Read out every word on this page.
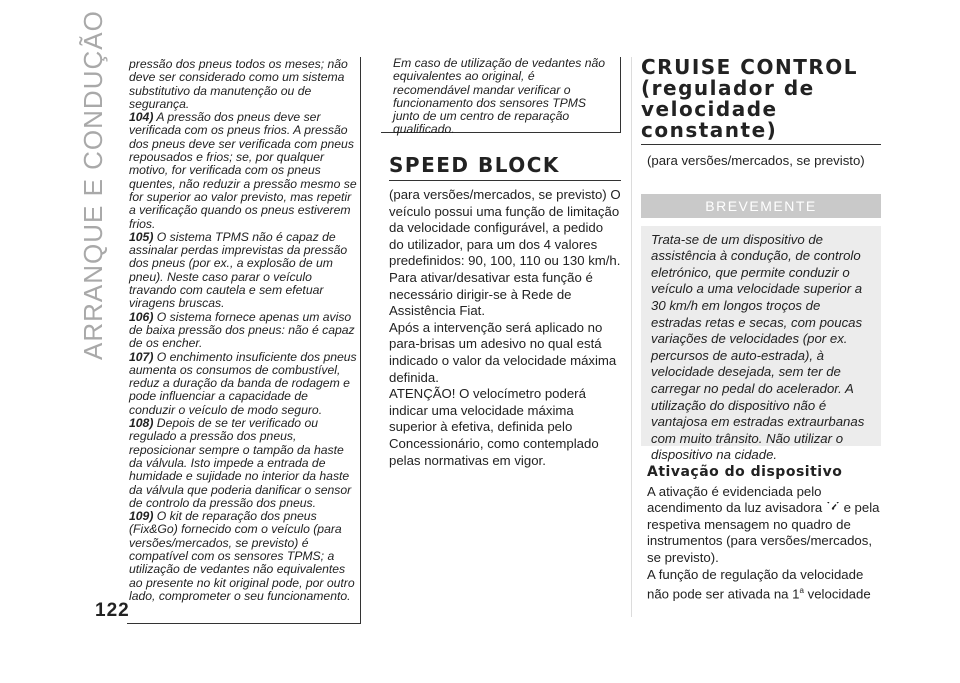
ARRANQUE E CONDUÇÃO pressão dos pneus todos os meses; não deve ser considerado como um sistema substitutivo da manutenção ou de segurança.

104) A pressão dos pneus deve ser verificada com os pneus frios. A pressão dos pneus deve ser verificada com pneus repousados e frios; se, por qualquer motivo, for verificada com os pneus quentes, não reduzir a pressão mesmo se for superior ao valor previsto, mas repetir a verificação quando os pneus estiverem frios.

105) O sistema TPMS não é capaz de assinalar perdas imprevistas da pressão dos pneus (por ex., a explosão de um pneu). Neste caso parar o veículo travando com cautela e sem efetuar viragens bruscas.

106) O sistema fornece apenas um aviso de baixa pressão dos pneus: não é capaz de os encher.

107) O enchimento insuficiente dos pneus aumenta os consumos de combustível, reduz a duração da banda de rodagem e pode influenciar a capacidade de conduzir o veículo de modo seguro.

108) Depois de se ter verificado ou regulado a pressão dos pneus, reposicionar sempre o tampão da haste da válvula. Isto impede a entrada de humidade e sujidade no interior da haste da válvula que poderia danificar o sensor de controlo da pressão dos pneus.

109) O kit de reparação dos pneus (Fix&Go) fornecido com o veículo (para versões/mercados, se previsto) é compatível com os sensores TPMS; a utilização de vedantes não equivalentes ao presente no kit original pode, por outro lado, comprometer o seu funcionamento.

Em caso de utilização de vedantes não equivalentes ao original, é recomendável mandar verificar o funcionamento dos sensores TPMS junto de um centro de reparação qualificado.
SPEED BLOCK

(para versões/mercados, se previsto) O veículo possui uma função de limitação da velocidade configurável, a pedido do utilizador, para um dos 4 valores predefinidos: 90, 100, 110 ou 130 km/h.

Para ativar/desativar esta função é necessário dirigir-se à Rede de Assistência Fiat.

Após a intervenção será aplicado no para-brisas um adesivo no qual está indicado o valor da velocidade máxima definida.

ATENÇÃO! O velocímetro poderá indicar uma velocidade máxima superior à efetiva, definida pelo Concessionário, como contemplado pelas normativas em vigor.

CRUISE CONTROL (regulador de velocidade constante)
(para versões/mercados, se previsto)
BREVEMENTE
Trata-se de um dispositivo de assistência à condução, de controlo eletrónico, que permite conduzir o veículo a uma velocidade superior a 30 km/h em longos troços de estradas retas e secas, com poucas variações de velocidades (por ex. percursos de auto-estrada), à velocidade desejada, sem ter de carregar no pedal do acelerador. A utilização do dispositivo não é vantajosa em estradas extraurbanas com muito trânsito. Não utilizar o dispositivo na cidade.
Ativação do dispositivo

A ativação é evidenciada pelo acendimento da luz avisadora e pela respetiva mensagem no quadro de instrumentos (para versões/mercados, se previsto).

A função de regulação da velocidade não pode ser ativada na 1$^a$ velocidade

122
